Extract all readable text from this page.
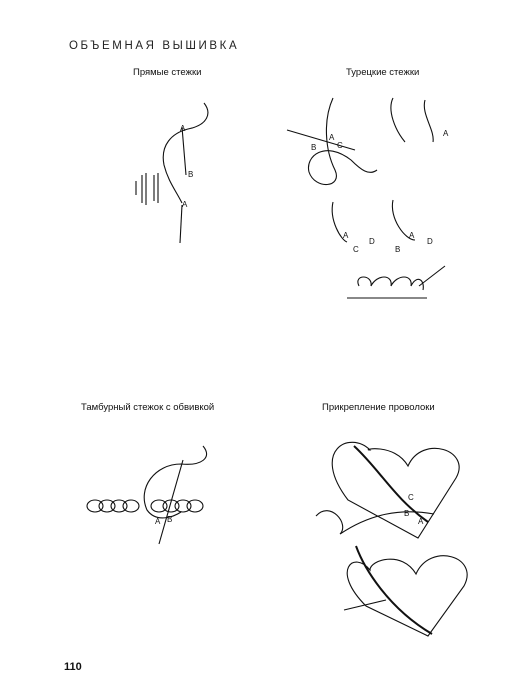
ОБЪЕМНАЯ ВЫШИВКА
Прямые стежки
A
B
A
Турецкие стежки
B
A
C
A
A
C
D
A
B
D
Тамбурный стежок с обвивкой
A B
Прикрепление проволоки
B
C
A
110
